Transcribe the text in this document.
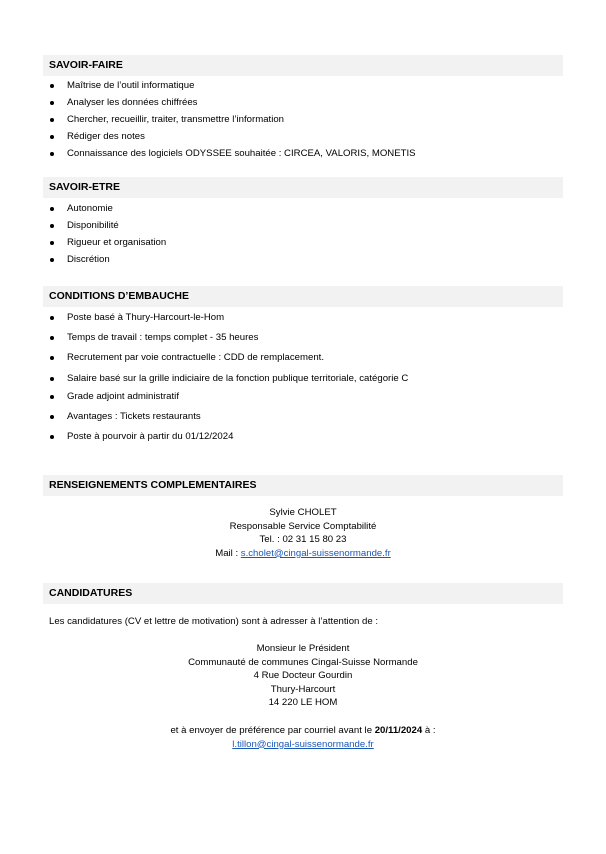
SAVOIR-FAIRE
Maîtrise de l’outil informatique
Analyser les données chiffrées
Chercher, recueillir, traiter, transmettre l’information
Rédiger des notes
Connaissance des logiciels ODYSSEE souhaitée : CIRCEA, VALORIS, MONETIS
SAVOIR-ETRE
Autonomie
Disponibilité
Rigueur et organisation
Discrétion
CONDITIONS D’EMBAUCHE
Poste basé à Thury-Harcourt-le-Hom
Temps de travail : temps complet - 35 heures
Recrutement par voie contractuelle : CDD de remplacement.
Salaire basé sur la grille indiciaire de la fonction publique territoriale, catégorie C
Grade adjoint administratif
Avantages : Tickets restaurants
Poste à pourvoir à partir du 01/12/2024
RENSEIGNEMENTS COMPLEMENTAIRES
Sylvie CHOLET
Responsable Service Comptabilité
Tel. : 02 31 15 80 23
Mail : s.cholet@cingal-suissenormande.fr
CANDIDATURES
Les candidatures (CV et lettre de motivation) sont à adresser à l’attention de :
Monsieur le Président
Communauté de communes Cingal-Suisse Normande
4 Rue Docteur Gourdin
Thury-Harcourt
14 220 LE HOM
et à envoyer de préférence par courriel avant le 20/11/2024 à :
l.tillon@cingal-suissenormande.fr
